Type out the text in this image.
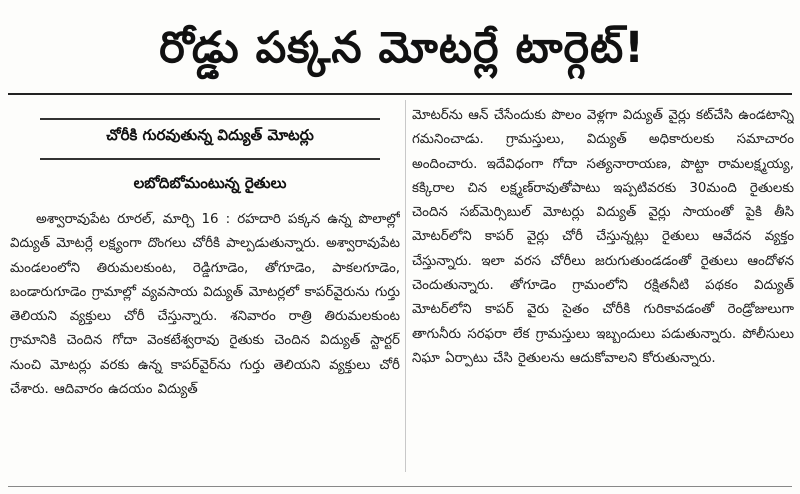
రోడ్డు పక్కన మోటర్లే టార్గెట్!
చోరీకి గురవుతున్న విద్యుత్ మోటర్లు
లబోదిబోమంటున్న రైతులు

అశ్వారావుపేట రూరల్, మార్చి 16 : రహదారి పక్కన ఉన్న పొలాల్లో విద్యుత్ మోటర్లే లక్ష్యంగా దొంగలు చోరీకి పాల్పడుతున్నారు. అశ్వారావుపేట మండలంలోని తిరుమలకుంట, రెడ్డిగూడెం, తోగూడెం, పాకలగూడెం, బండారుగూడెం గ్రామాల్లో వ్యవసాయ విద్యుత్ మోటర్లలో కాపర్‌వైరును గుర్తు తెలియని వ్యక్తులు చోరీ చేస్తున్నారు. శనివారం రాత్రి తిరుమలకుంట గ్రామానికి చెందిన గోదా వెంకటేశ్వరావు రైతుకు చెందిన విద్యుత్ స్టార్టర్ నుంచి మోటర్లు వరకు ఉన్న కాపర్‌వైర్‌ను గుర్తు తెలియని వ్యక్తులు చోరీ చేశారు. ఆదివారం ఉదయం విద్యుత్

మోటర్‌ను ఆన్ చేసేందుకు పొలం వెళ్లగా విద్యుత్ వైర్లు కట్‌చేసి ఉండటాన్ని గమనించాడు. గ్రామస్తులు, విద్యుత్ అధికారులకు సమాచారం అందించారు. ఇదేవిధంగా గోదా సత్యనారాయణ, పొట్టా రామలక్ష్మయ్య, కక్కిరాల చిన లక్ష్మణ్‌రావుతోపాటు ఇప్పటివరకు 30మంది రైతులకు చెందిన సబ్‌మెర్సిబుల్ మోటర్లు విద్యుత్ వైర్లు సాయంతో పైకి తీసి మోటర్‌లోని కాపర్ వైర్లు చోరీ చేస్తున్నట్లు రైతులు ఆవేదన వ్యక్తం చేస్తున్నారు. ఇలా వరస చోరీలు జరుగుతుండడంతో రైతులు ఆందోళన చెందుతున్నారు. తోగూడెం గ్రామంలోని రక్షితనీటి పథకం విద్యుత్ మోటర్‌లోని కాపర్ వైరు సైతం చోరీకి గురికావడంతో రెండ్రోజులుగా తాగునీరు సరఫరా లేక గ్రామస్తులు ఇబ్బందులు పడుతున్నారు. పోలీసులు నిఘా ఏర్పాటు చేసి రైతులను ఆదుకోవాలని కోరుతున్నారు.
